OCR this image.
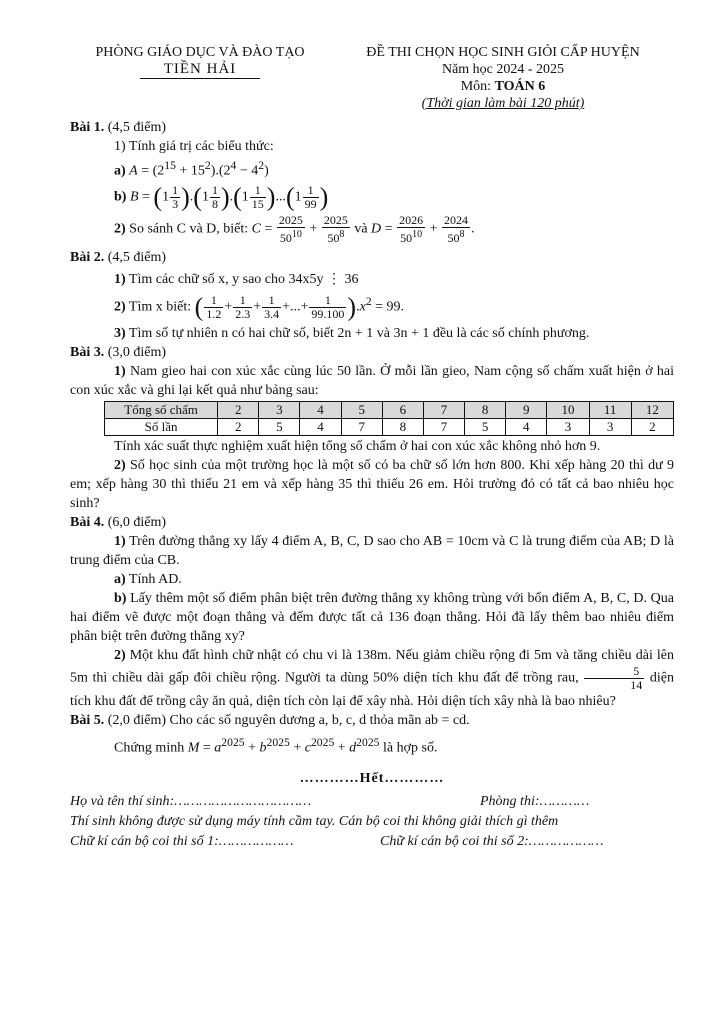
PHÒNG GIÁO DỤC VÀ ĐÀO TẠO
TIỀN HẢI
ĐỀ THI CHỌN HỌC SINH GIỎI CẤP HUYỆN
Năm học 2024 - 2025
Môn: TOÁN 6
(Thời gian làm bài 120 phút)

Bài 1. (4,5 điểm)

1) Tính giá trị các biểu thức:

a) $A = (2^{15} + 15^2).(2^4 - 4^2)$

b) $B = (1 \frac{1}{3} ).(1 \frac{1}{8} ).(1 \frac{1}{15} )...(1 \frac{1}{99}$ )

2) So sánh C và D, biết: $C = \frac{2025}{50^{10}} + \frac{2025}{50^8}$ và $D = \frac{2026}{50^{10}} + \frac{2024}{50^8}$ .

Bài 2. (4,5 điểm)

1) Tìm các chữ số x, y sao cho 34x5y ⋮ 36

2) Tìm x biết: ( $\frac{1}{1.2} + \frac{1}{2.3} + \frac{1}{3.4}$ +...+ $\frac{1}{99.100} ).x^2 = 99$.

3) Tìm số tự nhiên n có hai chữ số, biết 2n + 1 và 3n + 1 đều là các số chính phương.

Bài 3. (3,0 điểm)

1) Nam gieo hai con xúc xắc cùng lúc 50 lần. Ở mỗi lần gieo, Nam cộng số chấm xuất hiện ở hai con xúc xắc và ghi lại kết quả như bảng sau:

Tổng số chấm	2	3	4	5	6	7	8	9	10	11	12
Số lần	2	5	4	7	8	7	5	4	3	3	2

Tính xác suất thực nghiệm xuất hiện tổng số chấm ở hai con xúc xắc không nhỏ hơn 9.

2) Số học sinh của một trường học là một số có ba chữ số lớn hơn 800. Khi xếp hàng 20 thì dư 9 em; xếp hàng 30 thì thiếu 21 em và xếp hàng 35 thì thiếu 26 em. Hỏi trường đó có tất cả bao nhiêu học sinh?

Bài 4. (6,0 điểm)

1) Trên đường thẳng xy lấy 4 điểm A, B, C, D sao cho AB = 10cm và C là trung điểm của AB; D là trung điểm của CB.

a) Tính AD.

b) Lấy thêm một số điểm phân biệt trên đường thẳng xy không trùng với bốn điểm A, B, C, D. Qua hai điểm vẽ được một đoạn thẳng và đếm được tất cả 136 đoạn thẳng. Hỏi đã lấy thêm bao nhiêu điểm phân biệt trên đường thẳng xy?

2) Một khu đất hình chữ nhật có chu vi là 138m. Nếu giảm chiều rộng đi 5m và tăng chiều dài lên 5m thì chiều dài gấp đôi chiều rộng. Người ta dùng 50% diện tích khu đất để trồng rau, $\frac{5}{14}$ diện tích khu đất để trồng cây ăn quả, diện tích còn lại để xây nhà. Hỏi diện tích xây nhà là bao nhiêu?

Bài 5. (2,0 điểm) Cho các số nguyên dương a, b, c, d thỏa mãn ab = cd.

Chứng minh $M = a^{2025} + b^{2025} + c^{2025} + d^{2025}$ là hợp số.

…………Hết…………

Họ và tên thí sinh:……………………………	Phòng thi:…………

Thí sinh không được sử dụng máy tính cầm tay. Cán bộ coi thi không giải thích gì thêm

Chữ kí cán bộ coi thi số 1:………………	Chữ kí cán bộ coi thi số 2:………………
